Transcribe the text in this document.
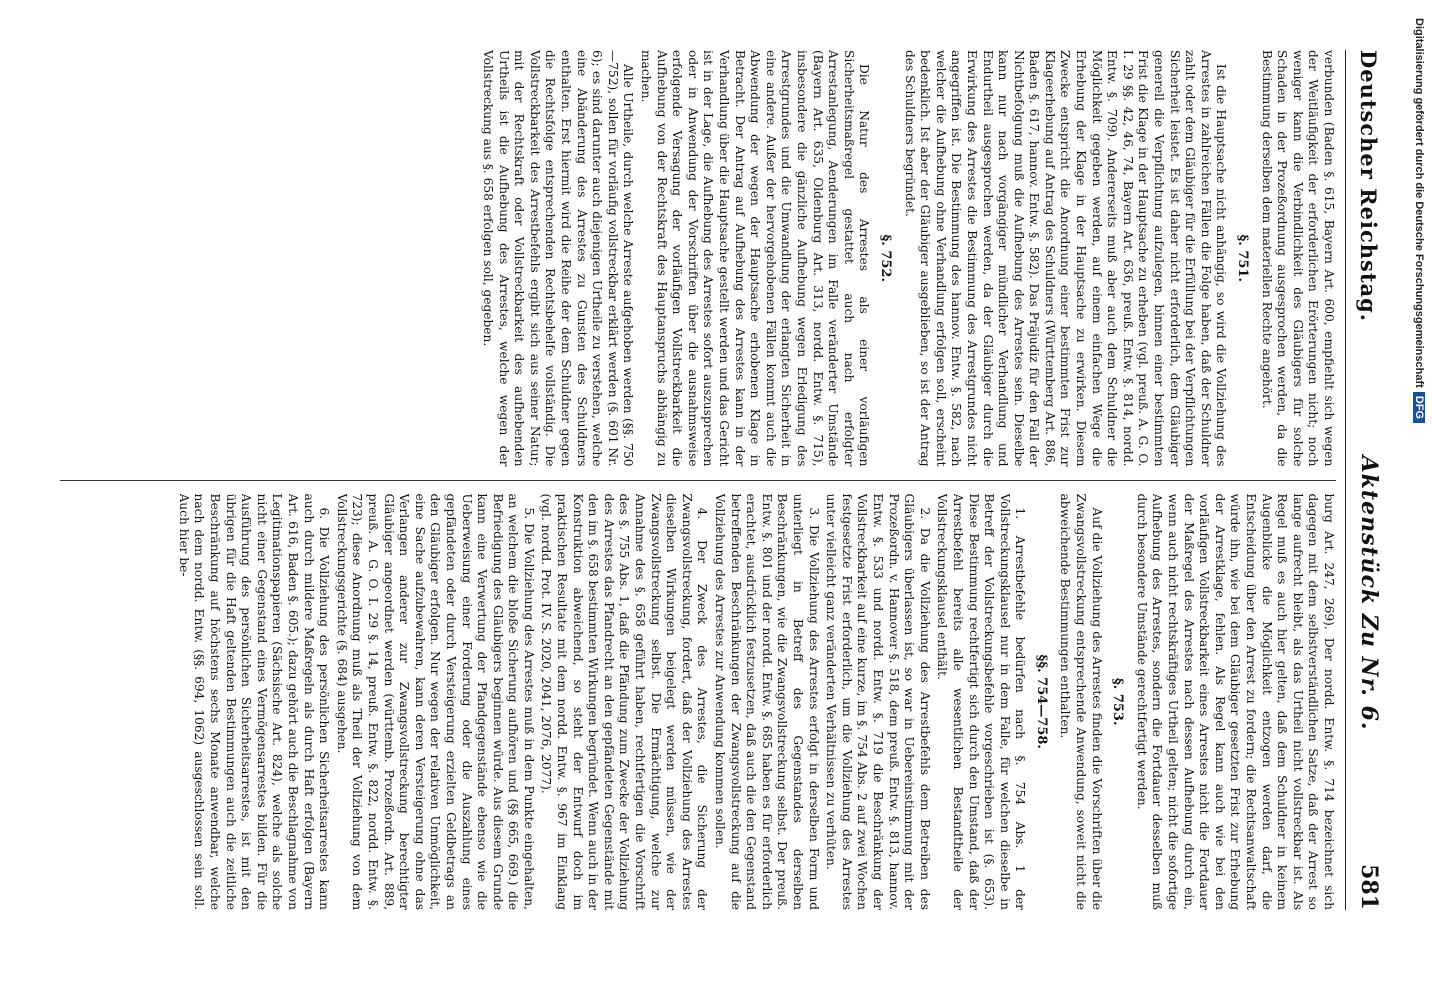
Deutscher Reichstag.
Aktenstück Zu Nr. 6.
581

verbunden (Baden §. 615, Bayern Art. 600, empfiehlt sich wegen der Weitläufigkeit der erforderlichen Erörterungen nicht; noch weniger kann die Verbindlichkeit des Gläubigers für solche Schaden in der Prozeßordnung ausgesprochen werden, da die Bestimmung derselben dem materiellen Rechte angehört.

§. 751.

Ist die Hauptsache nicht anhängig, so wird die Vollziehung des Arrestes in zahlreichen Fällen die Folge haben, daß der Schuldner zahlt oder dem Gläubiger für die Erfüllung bei der Verpflichtungen Sicherheit leistet. Es ist daher nicht erforderlich, dem Gläubiger generell die Verpflichtung aufzulegen, binnen einer bestimmten Frist die Klage in der Hauptsache zu erheben (vgl. preuß. A. G. O. I. 29 §§. 42, 46, 74, Bayern Art. 636, preuß. Entw. §. 814, nordd. Entw. §. 709). Andererseits muß aber auch dem Schuldner die Möglichkeit gegeben werden, auf einem einfachen Wege die Erhebung der Klage in der Hauptsache zu erwirken. Diesem Zwecke entspricht die Anordnung einer bestimmten Frist zur Klageerhebung auf Antrag des Schuldners (Württemberg Art. 886, Baden §. 617, hannov. Entw. §. 582). Das Präjudiz für den Fall der Nichtbefolgung muß die Aufhebung des Arrestes sein. Dieselbe kann nur nach vorgängiger mündlicher Verhandlung und Endurtheil ausgesprochen werden, da der Gläubiger durch die Erwirkung des Arrestes die Bestimmung des Arrestgrundes nicht angegriffen ist. Die Bestimmung des hannov. Entw. §. 582, nach welcher die Aufhebung ohne Verhandlung erfolgen soll, erscheint bedenklich. Ist aber der Gläubiger ausgeblieben, so ist der Antrag des Schuldners begründet.

§. 752.

Die Natur des Arrestes als einer vorläufigen Sicherheitsmaßregel gestattet auch nach erfolgter Arrestanlegung, Aenderungen im Falle veränderter Umstände (Bayern Art. 635, Oldenburg Art. 313, nordd. Entw. §. 715), insbesondere die gänzliche Aufhebung wegen Erledigung des Arrestgrundes und die Umwandlung der erlangten Sicherheit in eine andere. Außer der hervorgehobenen Fällen kommt auch die Abwendung der wegen der Hauptsache erhobenen Klage in Betracht. Der Antrag auf Aufhebung des Arrestes kann in der Verhandlung über die Hauptsache gestellt werden und das Gericht ist in der Lage, die Aufhebung des Arrestes sofort auszusprechen oder in Anwendung der Vorschriften über die ausnahmsweise erfolgende Versagung der vorläufigen Vollstreckbarkeit die Aufhebung von der Rechtskraft des Hauptanspruchs abhängig zu machen.

Alle Urtheile, durch welche Arreste aufgehoben werden (§§. 750—752), sollen für vorläufig vollstreckbar erklärt werden (§. 601 Nr. 6); es sind darunter auch diejenigen Urtheile zu verstehen, welche eine Abänderung des Arrestes zu Gunsten des Schuldners enthalten. Erst hiermit wird die Reihe der dem Schuldner gegen die Rechtsfolge entsprechenden Rechtsbehelfe vollständig. Die Vollstreckbarkeit des Arrestbefehls ergibt sich aus seiner Natur; mit der Rechtskraft oder Vollstreckbarkeit des aufhebenden Urtheils ist die Aufhebung des Arrestes, welche wegen der Vollstreckung aus §. 658 erfolgen soll, gegeben.

burg Art. 247, 269). Der nordd. Entw. §. 714 bezeichnet sich dagegen mit dem selbstverständlichen Satze, daß der Arrest so lange aufrecht bleibt, als das Urtheil nicht vollstreckbar ist. Als Regel muß es auch hier gelten, daß dem Schuldner in keinem Augenblicke die Möglichkeit entzogen werden darf, die Entscheidung über den Arrest zu fordern; die Rechtsanwaltschaft würde ihn, wie bei dem Gläubiger gesetzten Frist zur Erhebung der Arrestklage, fehlen. Als Regel kann auch wie bei den vorläufigen Vollstreckbarkeit eines Arrestes nicht die Fortdauer der Maßregel des Arrestes nach dessen Aufhebung durch ein, wenn auch nicht rechtskräftiges Urtheil gelten; nicht die sofortige Aufhebung des Arrestes, sondern die Fortdauer desselben muß durch besondere Umstände gerechtfertigt werden.

§. 753.

Auf die Vollziehung des Arrestes finden die Vorschriften über die Zwangsvollstreckung entsprechende Anwendung, soweit nicht die abweichende Bestimmungen enthalten.

§§. 754—758.

1. Arrestbefehle bedürfen nach §. 754 Abs. 1 der Vollstreckungsklausel nur in dem Falle, für welchen dieselbe in Betreff der Vollstreckungsbefehle vorgeschrieben ist (§. 653). Diese Bestimmung rechtfertigt sich durch den Umstand, daß der Arrestbefehl bereits alle wesentlichen Bestandtheile der Vollstreckungsklausel enthält.

2. Da die Vollziehung des Arrestbefehls dem Betreiben des Gläubigers überlassen ist, so war in Uebereinstimmung mit der Prozeßordn. v. Hannover §. 518, dem preuß. Entw. §. 813, hannov. Entw. §. 533 und nordd. Entw. §. 719 die Beschränkung der Vollstreckbarkeit auf eine kurze, im §. 754 Abs. 2 auf zwei Wochen festgesetzte Frist erforderlich, um die Vollziehung des Arrestes unter vielleicht ganz veränderten Verhältnissen zu verhüten.

3. Die Vollziehung des Arrestes erfolgt in derselben Form und unterliegt in Betreff des Gegenstandes derselben Beschränkungen, wie die Zwangsvollstreckung selbst. Der preuß. Entw. §. 801 und der nordd. Entw. §. 685 haben es für erforderlich erachtet, ausdrücklich festzusetzen, daß auch die den Gegenstand betreffenden Beschränkungen der Zwangsvollstreckung auf die Vollziehung des Arrestes zur Anwendung kommen sollen.

4. Der Zweck des Arrestes, die Sicherung der Zwangsvollstreckung, fordert, daß der Vollziehung des Arrestes dieselben Wirkungen beigelegt werden müssen, wie der Zwangsvollstreckung selbst. Die Ermächtigung, welche zur Annahme des §. 658 geführt haben, rechtfertigen die Vorschrift des §. 755 Abs. 1, daß die Pfändung zum Zwecke der Vollziehung des Arrestes das Pfandrecht an den gepfändeten Gegenstände mit den im §. 658 bestimmten Wirkungen begründet. Wenn auch in der Konstruktion abweichend, so steht der Entwurf doch im praktischen Resultate mit dem nordd. Entw. §. 967 im Einklang (vgl. nordd. Prot. IV. S. 2020, 2041, 2076, 2077).

5. Die Vollziehung des Arrestes muß in dem Punkte eingehalten, an welchem die bloße Sicherung aufhören und (§§ 665, 669.) die Befriedigung des Gläubigers beginnen würde. Aus diesem Grunde kann eine Verwertung der Pfandgegenstände ebenso wie die Ueberweisung einer Forderung oder die Auszahlung eines gepfändeten oder durch Versteigerung erzielten Geldbetrags an den Gläubiger erfolgen. Nur wegen der relativen Unmöglichkeit, eine Sache aufzubewahren, kann deren Versteigerung ohne das Verlangen anderer zur Zwangsvollstreckung berechtigter Gläubiger angeordnet werden (württemb. Prozeßordn. Art. 889, preuß. A. G. O. I. 29 §. 14, preuß. Entw. §. 822, nordd. Entw. §. 723); diese Anordnung muß als Theil der Vollziehung von dem Vollstreckungsgerichte (§. 684) ausgehen.

6. Die Vollziehung des persönlichen Sicherheitsarrestes kann auch durch mildere Maßregeln als durch Haft erfolgen (Bayern Art. 616, Baden §. 605.); dazu gehört auch die Beschlagnahme von Legitimationspapieren (Sächsische Art. 824), welche als solche nicht einer Gegenstand eines Vermögensarrestes bilden. Für die Ausführung des persönlichen Sicherheitsarrestes, ist mit den übrigen für die Haft geltenden Bestimmungen auch die zeitliche Beschränkung auf höchstens sechs Monate anwendbar, welche nach dem nordd. Entw. (§§. 694, 1062) ausgeschlossen sein soll. Auch hier be-

Digitalisierung gefördert durch die Deutsche ForschungsgemeinschaftDFG
